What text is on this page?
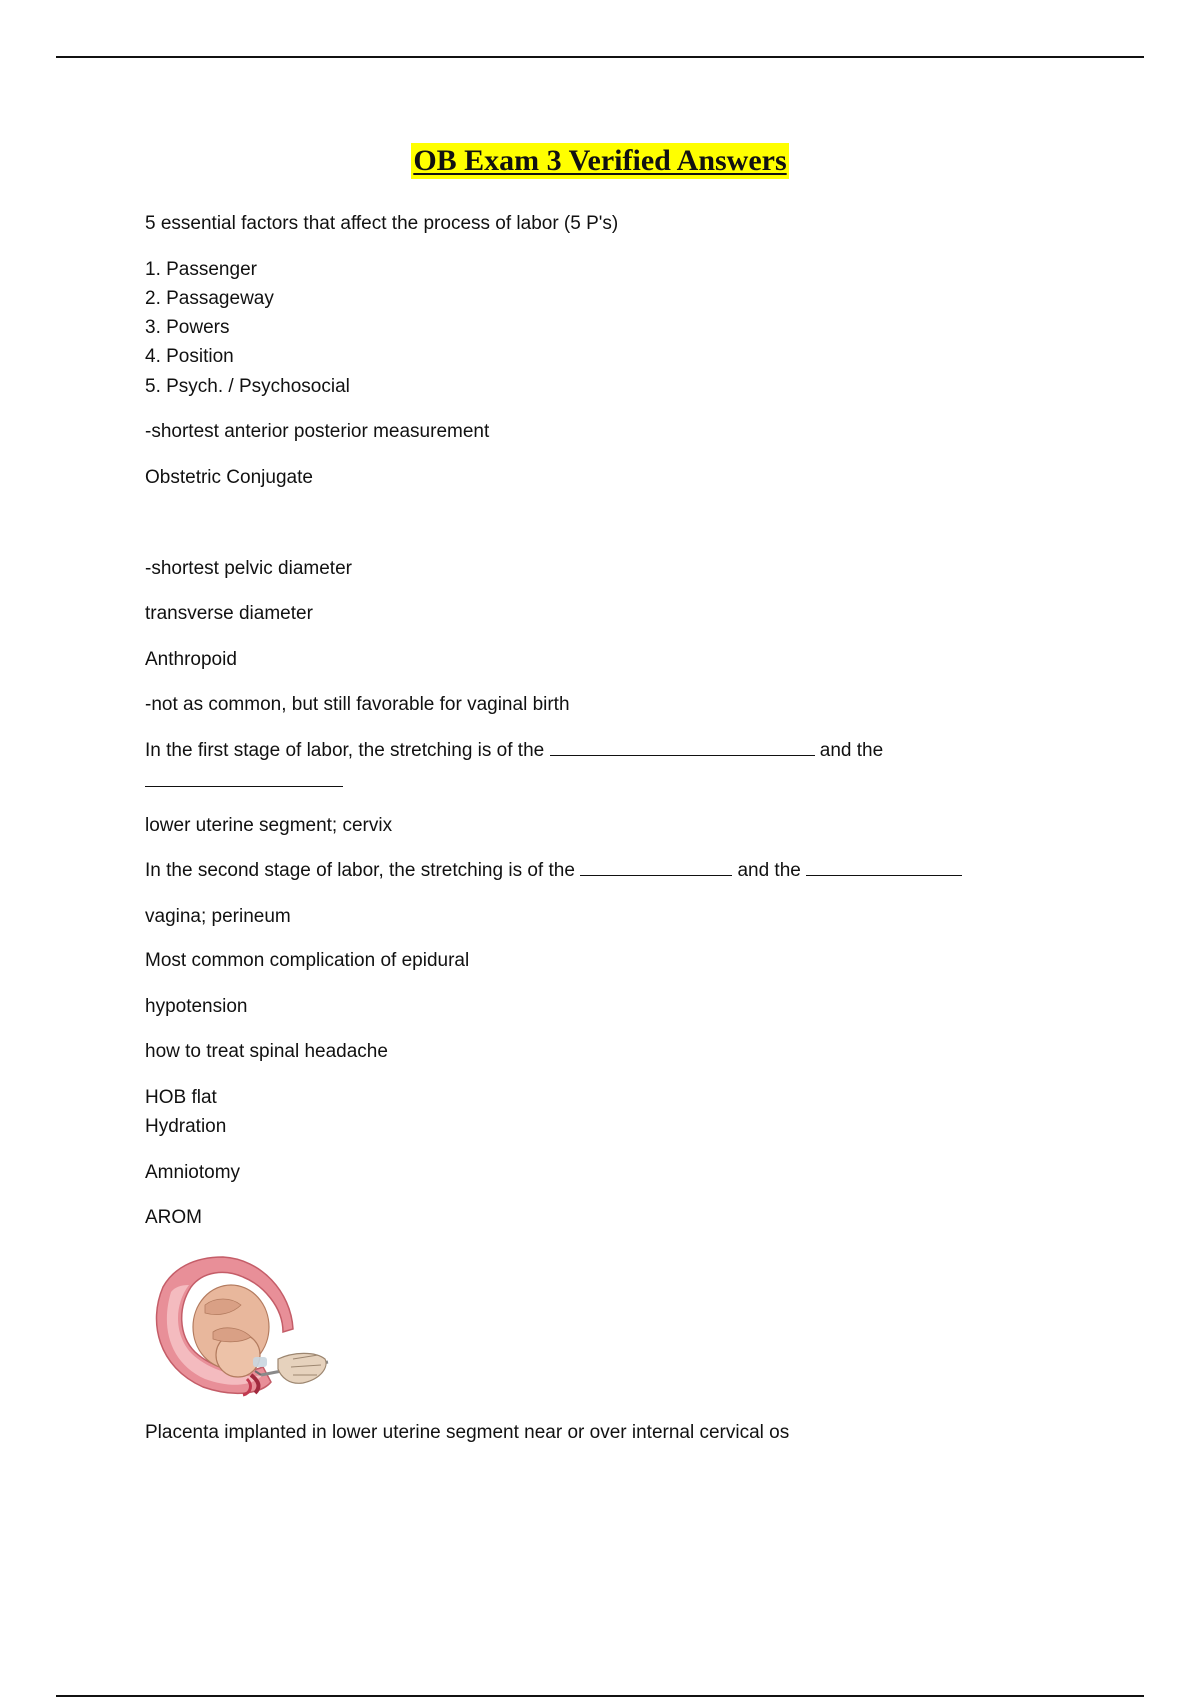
OB Exam 3 Verified Answers
5 essential factors that affect the process of labor (5 P's)
1. Passenger
2. Passageway
3. Powers
4. Position
5. Psych. / Psychosocial
-shortest anterior posterior measurement
Obstetric Conjugate
-shortest pelvic diameter
transverse diameter
Anthropoid
-not as common, but still favorable for vaginal birth
In the first stage of labor, the stretching is of the	and the
lower uterine segment; cervix
In the second stage of labor, the stretching is of the	and the
vagina; perineum
Most common complication of epidural
hypotension
how to treat spinal headache
HOB flat
Hydration
Amniotomy
AROM
Placenta implanted in lower uterine segment near or over internal cervical os
